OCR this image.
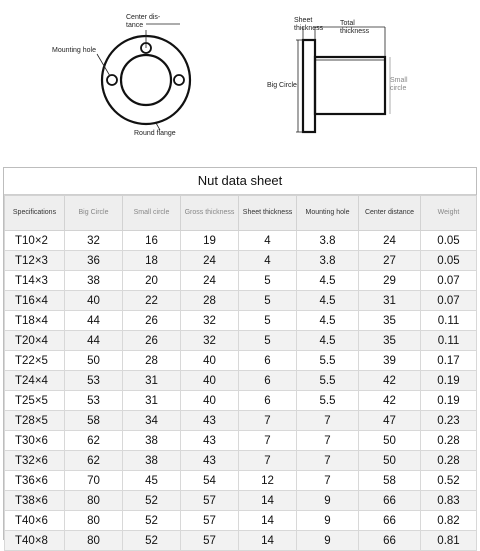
Center dis-
tance
Mounting hole
Round flange
Sheet
thickness
Total
thickness
Big Circle
Small
circle
Nut data sheet
Specifications	Big Circle	Small circle	Gross thickness	Sheet thickness	Mounting hole	Center distance	Weight
T10×2	32	16	19	4	3.8	24	0.05
T12×3	36	18	24	4	3.8	27	0.05
T14×3	38	20	24	5	4.5	29	0.07
T16×4	40	22	28	5	4.5	31	0.07
T18×4	44	26	32	5	4.5	35	0.11
T20×4	44	26	32	5	4.5	35	0.11
T22×5	50	28	40	6	5.5	39	0.17
T24×4	53	31	40	6	5.5	42	0.19
T25×5	53	31	40	6	5.5	42	0.19
T28×5	58	34	43	7	7	47	0.23
T30×6	62	38	43	7	7	50	0.28
T32×6	62	38	43	7	7	50	0.28
T36×6	70	45	54	12	7	58	0.52
T38×6	80	52	57	14	9	66	0.83
T40×6	80	52	57	14	9	66	0.82
T40×8	80	52	57	14	9	66	0.81
